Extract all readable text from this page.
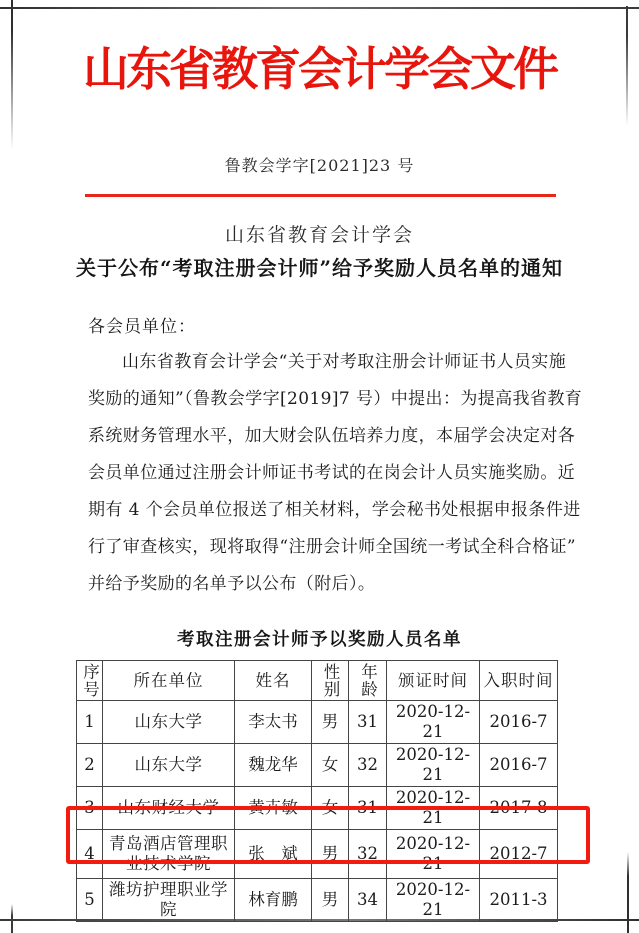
山东省教育会计学会文件
鲁教会学字[2021]23 号
山东省教育会计学会
关于公布“考取注册会计师”给予奖励人员名单的通知
各会员单位：
山东省教育会计学会“关于对考取注册会计师证书人员实施
奖励的通知”（鲁教会学字[2019]7 号）中提出：为提高我省教育
系统财务管理水平，加大财会队伍培养力度，本届学会决定对各
会员单位通过注册会计师证书考试的在岗会计人员实施奖励。近
期有 4 个会员单位报送了相关材料，学会秘书处根据申报条件进
行了审查核实，现将取得“注册会计师全国统一考试全科合格证”
并给予奖励的名单予以公布（附后）。
考取注册会计师予以奖励人员名单
序号	所在单位	姓名	性别	年龄	颁证时间	入职时间
1	山东大学	李太书	男	31	2020-12-21	2016-7
2	山东大学	魏龙华	女	32	2020-12-21	2016-7
3	山东财经大学	黄卉敏	女	31	2020-12-21	2017-8
4	青岛酒店管理职业技术学院	张　斌	男	32	2020-12-21	2012-7
5	潍坊护理职业学院	林育鹏	男	34	2020-12-21	2011-3
